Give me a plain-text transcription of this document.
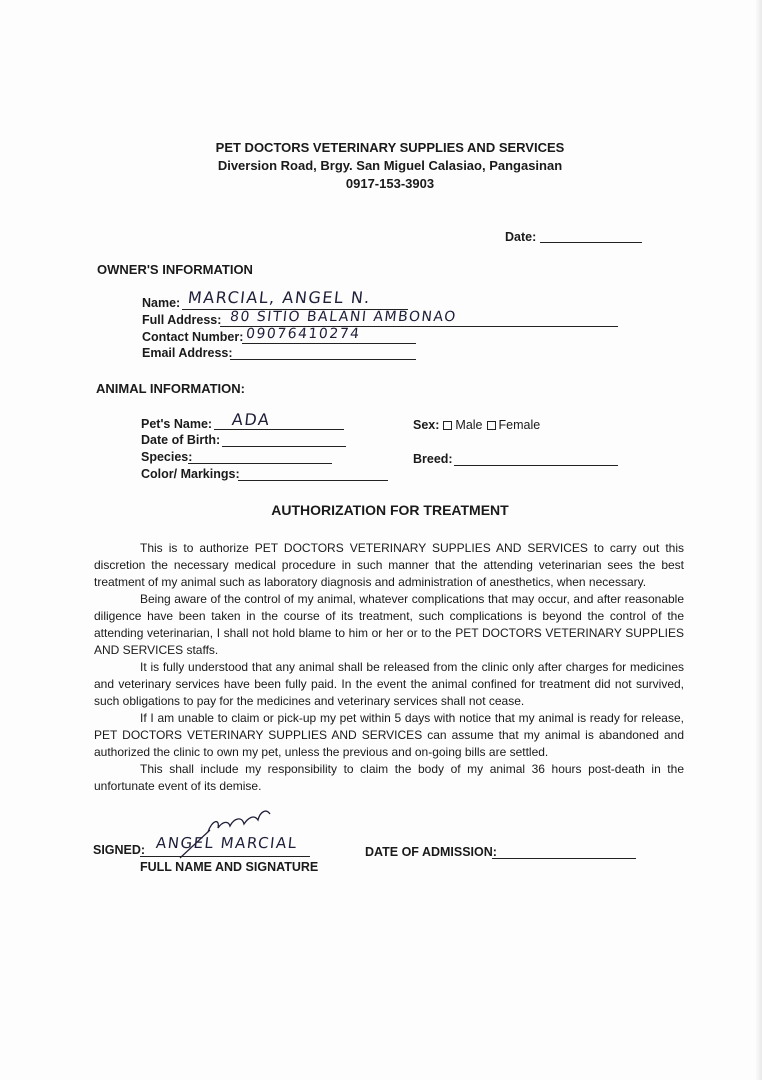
PET DOCTORS VETERINARY SUPPLIES AND SERVICES
Diversion Road, Brgy. San Miguel Calasiao, Pangasinan
0917-153-3903
Date:
OWNER'S INFORMATION
Name: MARCIAL, ANGEL N.
Full Address: 80 SITIO BALANI AMBONAO
Contact Number: 09076410274
Email Address:
ANIMAL INFORMATION:
Pet's Name: ADA
Date of Birth:
Species:
Color/ Markings:
Sex: Male Female
Breed:
AUTHORIZATION FOR TREATMENT

This is to authorize PET DOCTORS VETERINARY SUPPLIES AND SERVICES to carry out this discretion the necessary medical procedure in such manner that the attending veterinarian sees the best treatment of my animal such as laboratory diagnosis and administration of anesthetics, when necessary.

Being aware of the control of my animal, whatever complications that may occur, and after reasonable diligence have been taken in the course of its treatment, such complications is beyond the control of the attending veterinarian, I shall not hold blame to him or her or to the PET DOCTORS VETERINARY SUPPLIES AND SERVICES staffs.

It is fully understood that any animal shall be released from the clinic only after charges for medicines and veterinary services have been fully paid. In the event the animal confined for treatment did not survived, such obligations to pay for the medicines and veterinary services shall not cease.

If I am unable to claim or pick-up my pet within 5 days with notice that my animal is ready for release, PET DOCTORS VETERINARY SUPPLIES AND SERVICES can assume that my animal is abandoned and authorized the clinic to own my pet, unless the previous and on-going bills are settled.

This shall include my responsibility to claim the body of my animal 36 hours post-death in the unfortunate event of its demise.

SIGNED: ANGEL MARCIAL
FULL NAME AND SIGNATURE
DATE OF ADMISSION:
